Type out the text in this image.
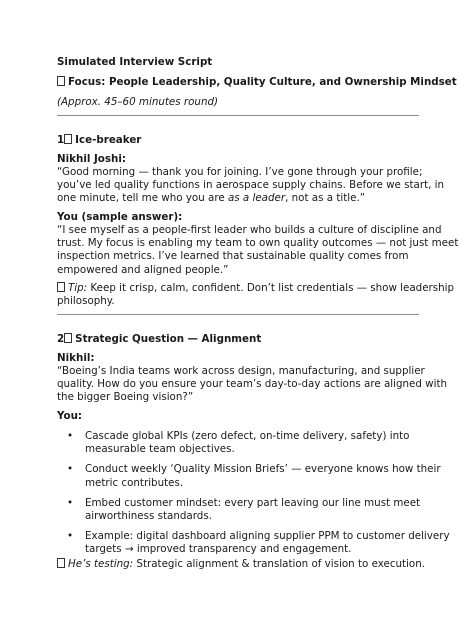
Simulated Interview Script
Focus: People Leadership, Quality Culture, and Ownership Mindset
(Approx. 45–60 minutes round)
1 Ice-breaker
Nikhil Joshi:
“Good morning — thank you for joining. I’ve gone through your profile;
you’ve led quality functions in aerospace supply chains. Before we start, in
one minute, tell me who you are as a leader, not as a title.”
You (sample answer):
“I see myself as a people-first leader who builds a culture of discipline and
trust. My focus is enabling my team to own quality outcomes — not just meet
inspection metrics. I’ve learned that sustainable quality comes from
empowered and aligned people.”
Tip: Keep it crisp, calm, confident. Don’t list credentials — show leadership
philosophy.
2 Strategic Question — Alignment
Nikhil:
“Boeing’s India teams work across design, manufacturing, and supplier
quality. How do you ensure your team’s day-to-day actions are aligned with
the bigger Boeing vision?”
You:
• Cascade global KPIs (zero defect, on-time delivery, safety) into
measurable team objectives.
• Conduct weekly ‘Quality Mission Briefs’ — everyone knows how their
metric contributes.
• Embed customer mindset: every part leaving our line must meet
airworthiness standards.
• Example: digital dashboard aligning supplier PPM to customer delivery
targets → improved transparency and engagement.
He’s testing: Strategic alignment & translation of vision to execution.
